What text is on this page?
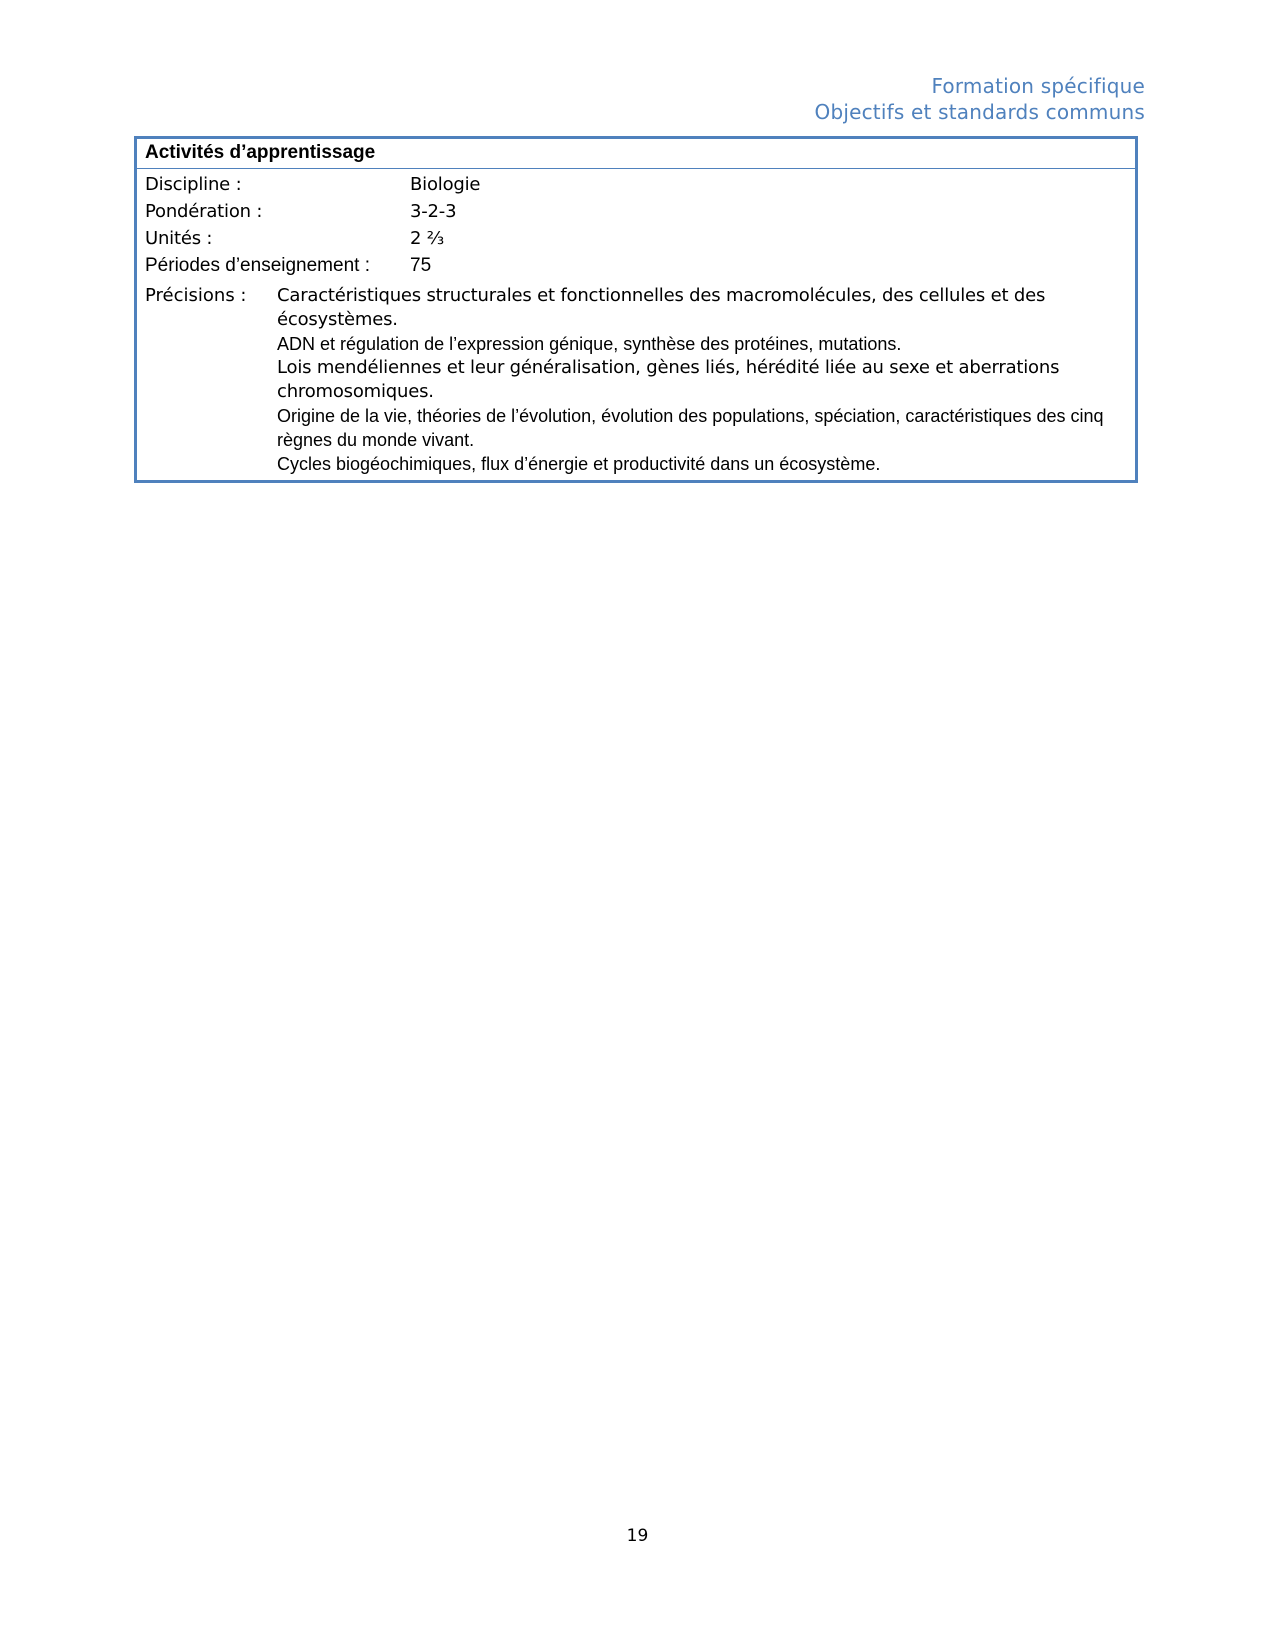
Formation spécifique
Objectifs et standards communs
Activités d’apprentissage
Discipline :	Biologie
Pondération :	3-2-3
Unités :	2 ⅔
Périodes d’enseignement : 75
Précisions : Caractéristiques structurales et fonctionnelles des macromolécules, des cellules et des écosystèmes.
ADN et régulation de l’expression génique, synthèse des protéines, mutations.
Lois mendéliennes et leur généralisation, gènes liés, hérédité liée au sexe et aberrations chromosomiques.
Origine de la vie, théories de l’évolution, évolution des populations, spéciation, caractéristiques des cinq règnes du monde vivant.
Cycles biogéochimiques, flux d’énergie et productivité dans un écosystème.
19
